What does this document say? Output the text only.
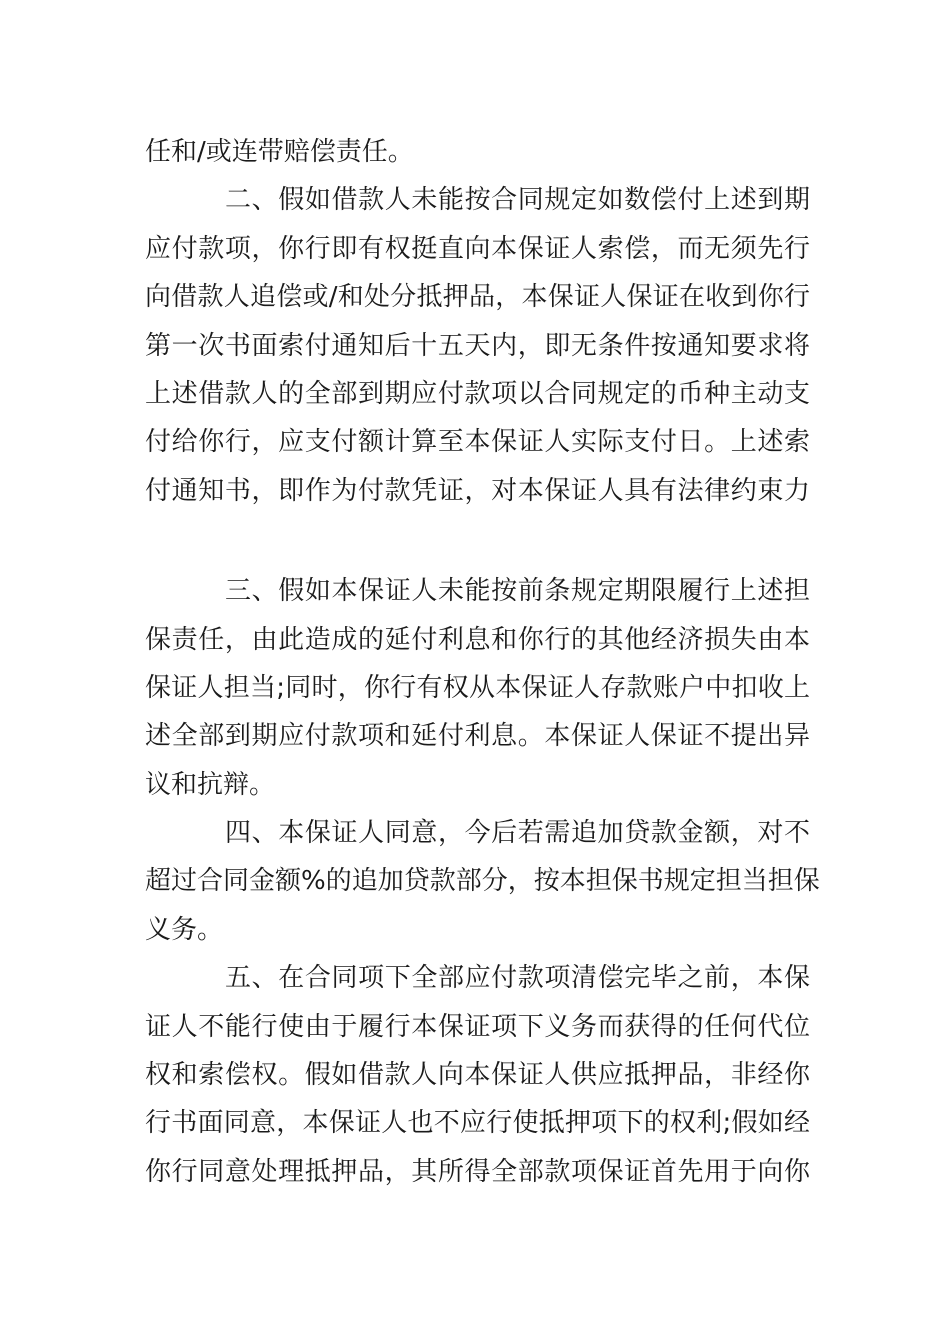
任和/或连带赔偿责任。
二、假如借款人未能按合同规定如数偿付上述到期
应付款项，你行即有权挺直向本保证人索偿，而无须先行
向借款人追偿或/和处分抵押品，本保证人保证在收到你行
第一次书面索付通知后十五天内，即无条件按通知要求将
上述借款人的全部到期应付款项以合同规定的币种主动支
付给你行，应支付额计算至本保证人实际支付日。上述索
付通知书，即作为付款凭证，对本保证人具有法律约束力
三、假如本保证人未能按前条规定期限履行上述担
保责任，由此造成的延付利息和你行的其他经济损失由本
保证人担当;同时，你行有权从本保证人存款账户中扣收上
述全部到期应付款项和延付利息。本保证人保证不提出异
议和抗辩。
四、本保证人同意，今后若需追加贷款金额，对不
超过合同金额%的追加贷款部分，按本担保书规定担当担保
义务。
五、在合同项下全部应付款项清偿完毕之前，本保
证人不能行使由于履行本保证项下义务而获得的任何代位
权和索偿权。假如借款人向本保证人供应抵押品，非经你
行书面同意，本保证人也不应行使抵押项下的权利;假如经
你行同意处理抵押品，其所得全部款项保证首先用于向你
